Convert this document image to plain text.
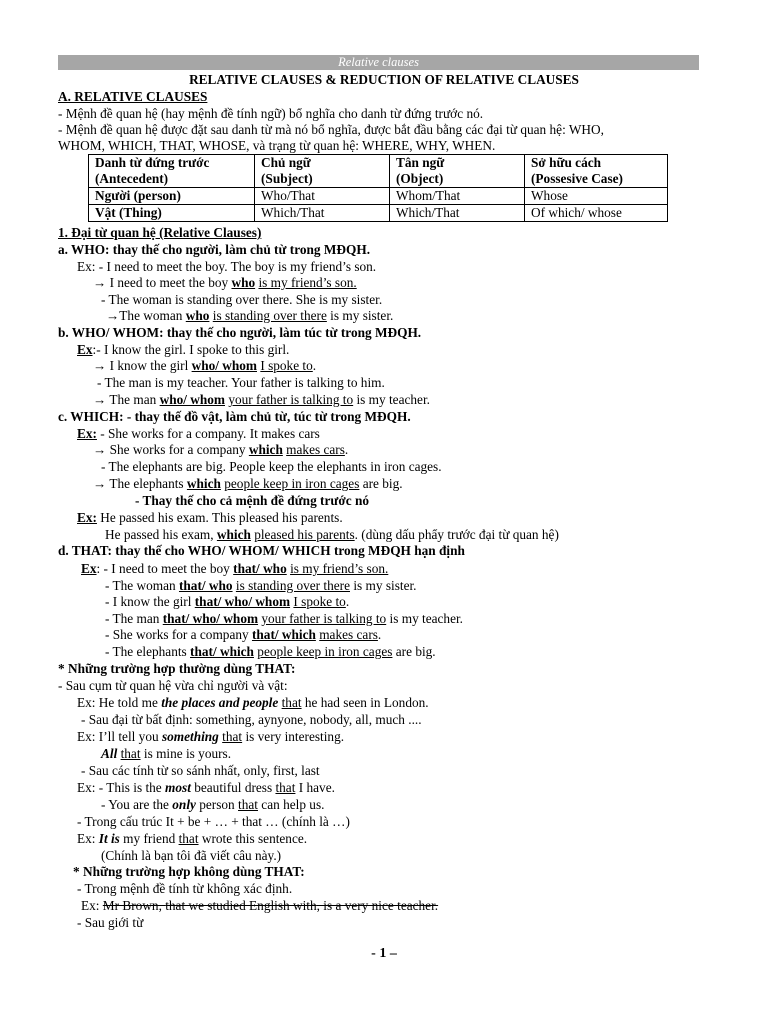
Relative clauses
RELATIVE CLAUSES & REDUCTION OF RELATIVE CLAUSES
A. RELATIVE CLAUSES
- Mệnh đề quan hệ (hay mệnh đề tính ngữ) bổ nghĩa cho danh từ đứng trước nó.
- Mệnh đề quan hệ được đặt sau danh từ mà nó bổ nghĩa, được bắt đầu bằng các đại từ quan hệ: WHO,
WHOM, WHICH, THAT, WHOSE, và trạng từ quan hệ: WHERE, WHY, WHEN.
Danh từ đứng trước
(Antecedent)	Chủ ngữ
(Subject)	Tân ngữ
(Object)	Sở hữu cách
(Possesive Case)
Người (person)	Who/That	Whom/That	Whose
Vật (Thing)	Which/That	Which/That	Of which/ whose
1. Đại từ quan hệ (Relative Clauses)
a. WHO: thay thế cho người, làm chủ từ trong MĐQH.
Ex: - I need to meet the boy. The boy is my friend’s son.
→ I need to meet the boy who is my friend’s son.
- The woman is standing over there. She is my sister.
→The woman who is standing over there is my sister.
b. WHO/ WHOM: thay thế cho người, làm túc từ trong MĐQH.
Ex:- I know the girl. I spoke to this girl.
→ I know the girl who/ whom I spoke to.
- The man is my teacher. Your father is talking to him.
→ The man who/ whom your father is talking to is my teacher.
c. WHICH: - thay thế đồ vật, làm chủ từ, túc từ trong MĐQH.
Ex: - She works for a company. It makes cars
→ She works for a company which makes cars.
- The elephants are big. People keep the elephants in iron cages.
→ The elephants which people keep in iron cages are big.
- Thay thế cho cả mệnh đề đứng trước nó
Ex: He passed his exam. This pleased his parents.
He passed his exam, which pleased his parents. (dùng dấu phẩy trước đại từ quan hệ)
d. THAT: thay thế cho WHO/ WHOM/ WHICH trong MĐQH hạn định
Ex: - I need to meet the boy that/ who is my friend’s son.
- The woman that/ who is standing over there is my sister.
- I know the girl that/ who/ whom I spoke to.
- The man that/ who/ whom your father is talking to is my teacher.
- She works for a company that/ which makes cars.
- The elephants that/ which people keep in iron cages are big.
* Những trường hợp thường dùng THAT:
- Sau cụm từ quan hệ vừa chỉ người và vật:
Ex: He told me the places and people that he had seen in London.
- Sau đại từ bất định: something, aynyone, nobody, all, much ....
Ex: I’ll tell you something that is very interesting.
All that is mine is yours.
- Sau các tính từ so sánh nhất, only, first, last
Ex: - This is the most beautiful dress that I have.
- You are the only person that can help us.
- Trong cấu trúc It + be + … + that … (chính là …)
Ex: It is my friend that wrote this sentence.
(Chính là bạn tôi đã viết câu này.)
* Những trường hợp không dùng THAT:
- Trong mệnh đề tính từ không xác định.
Ex: Mr Brown, that we studied English with, is a very nice teacher.
- Sau giới từ
- 1 –
